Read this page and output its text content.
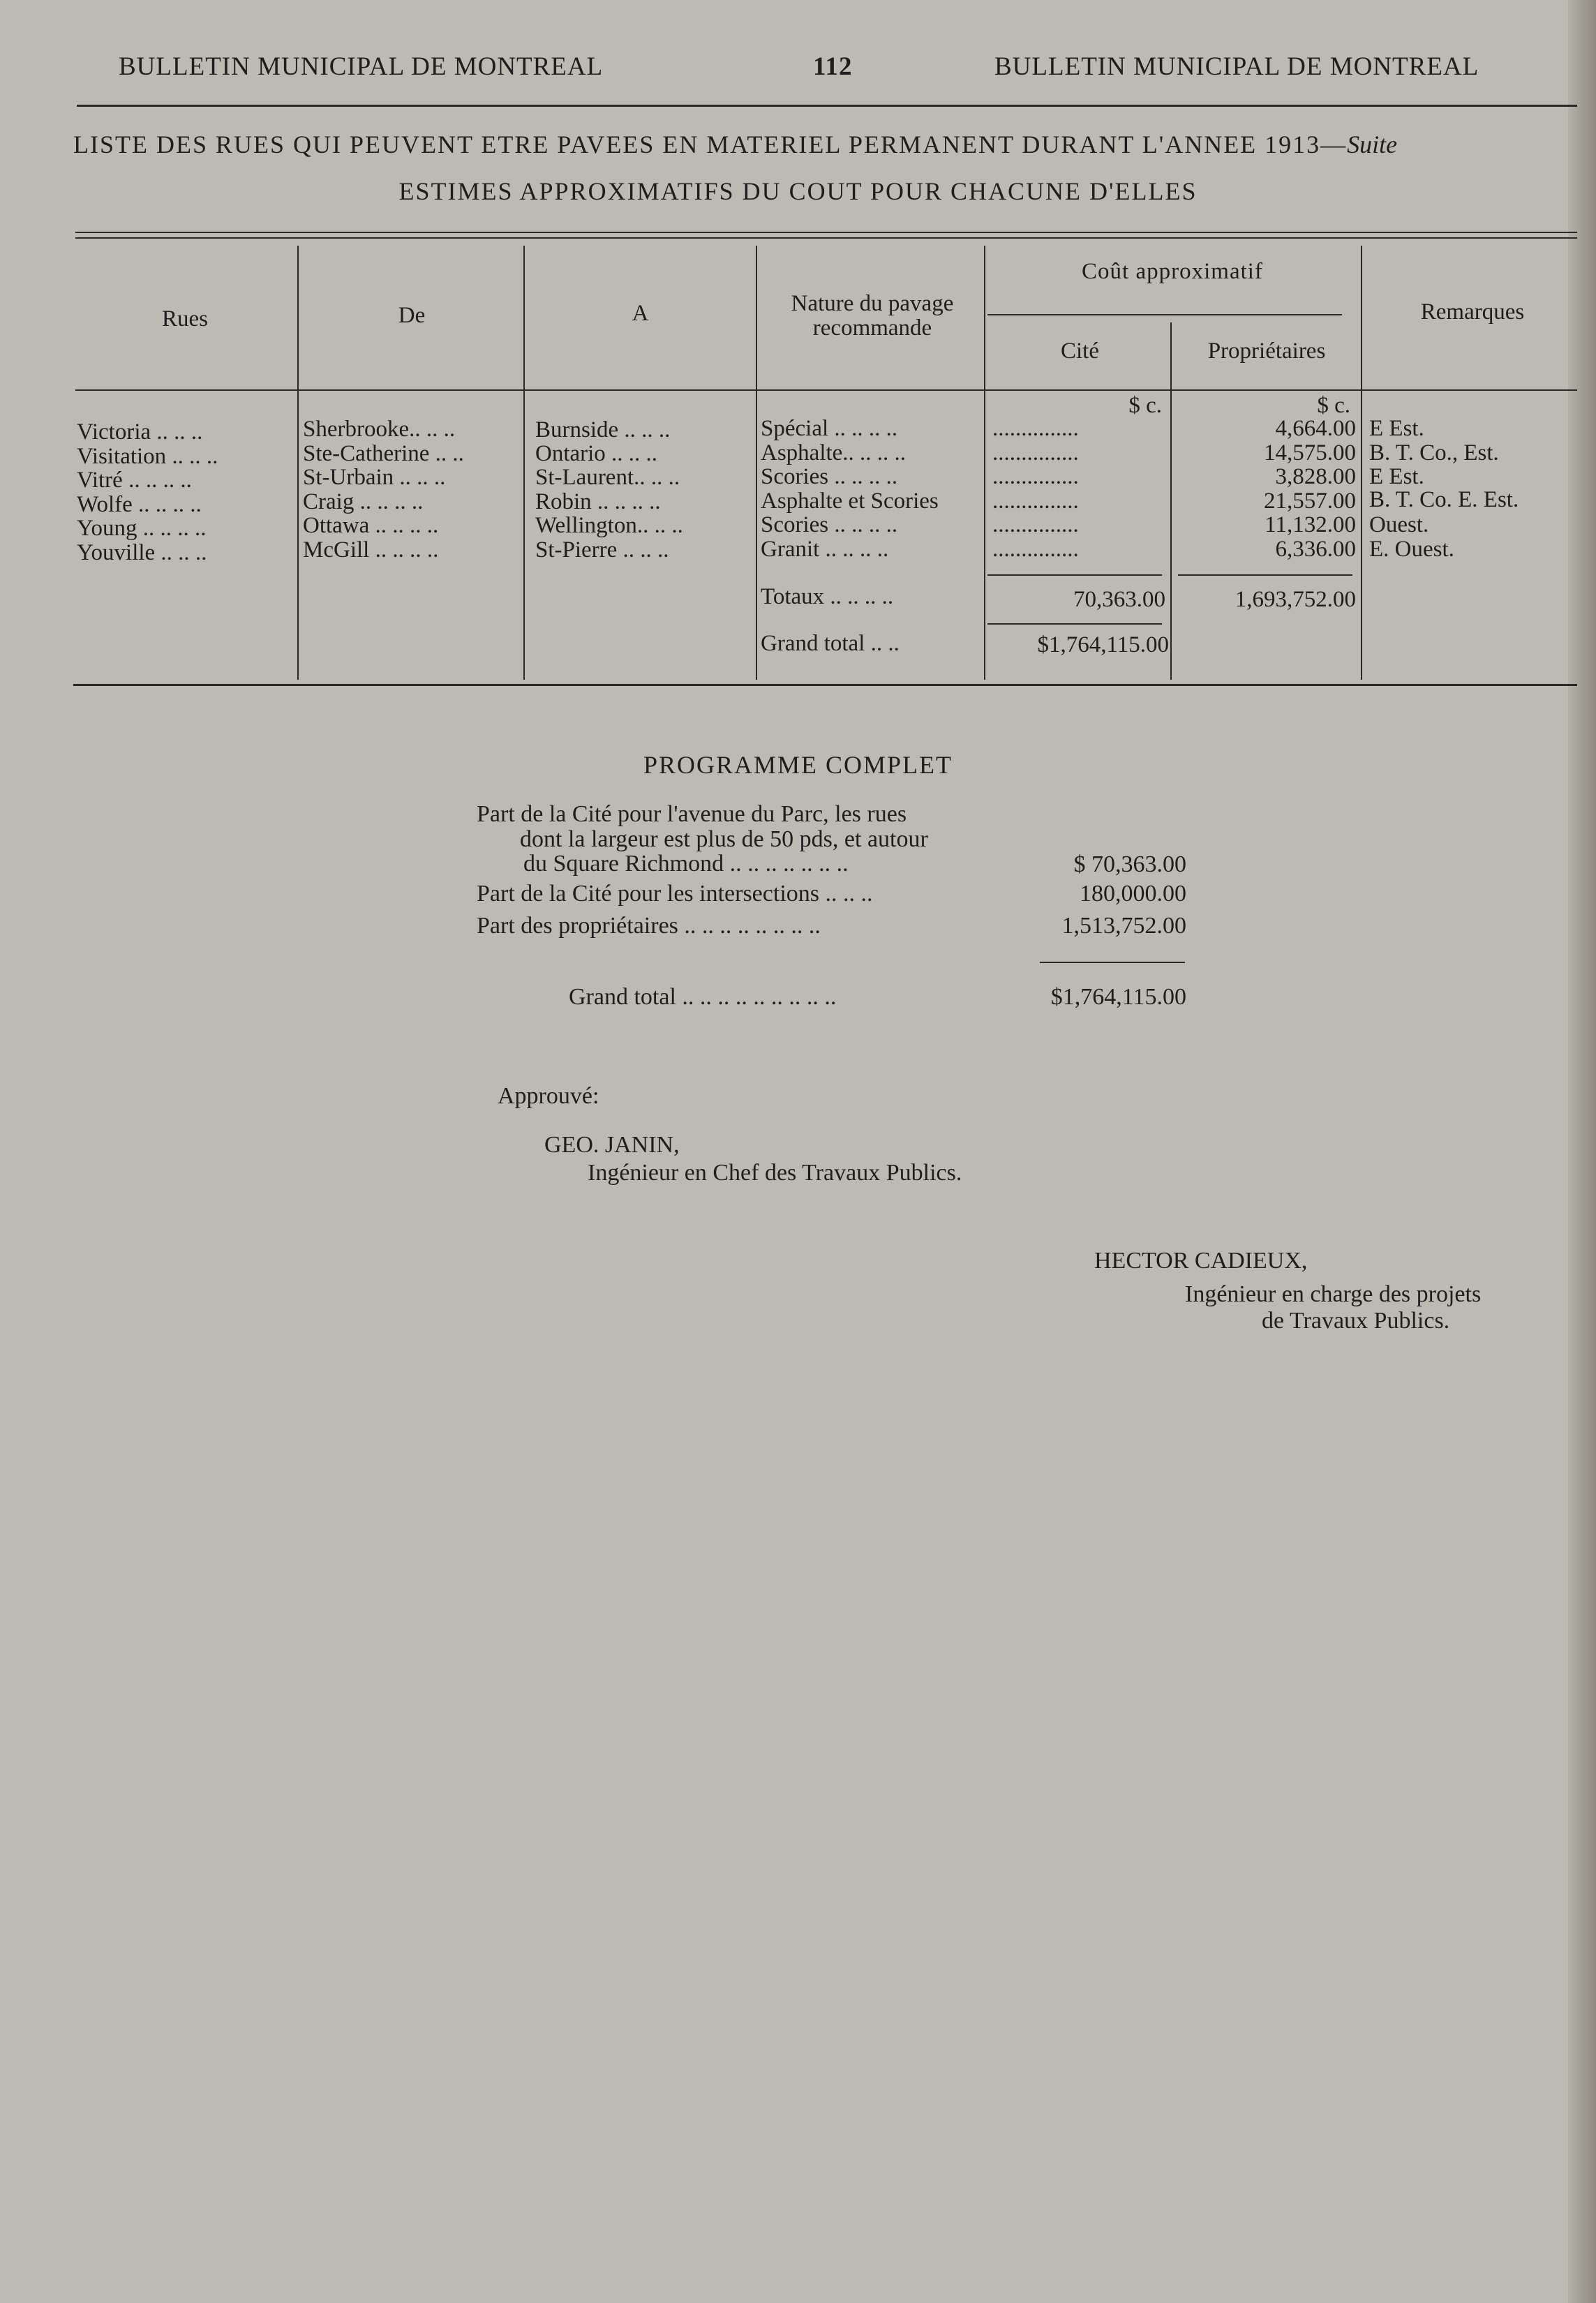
BULLETIN MUNICIPAL DE MONTREAL	112	BULLETIN MUNICIPAL DE MONTREAL
LISTE DES RUES QUI PEUVENT ETRE PAVEES EN MATERIEL PERMANENT DURANT L'ANNEE 1913—Suite
ESTIMES APPROXIMATIFS DU COUT POUR CHACUNE D'ELLES
Rues	De	A	Nature du pavage recommande
Coût approximatif
Cité	Propriétaires
Remarques
$ c.	$ c.
Victoria .. .. ..	Sherbrooke.. .. ..	Burnside .. .. ..	Spécial .. .. .. ..	...............	4,664.00 E Est.
Visitation .. .. ..	Ste-Catherine .. ..	Ontario .. .. ..	Asphalte.. .. .. ..	...............	14,575.00 B. T. Co., Est.
Vitré .. .. .. ..	St-Urbain .. .. ..	St-Laurent.. .. ..	Scories .. .. .. ..	...............	3,828.00 E Est.
Wolfe .. .. .. ..	Craig .. .. .. ..	Robin .. .. .. ..	Asphalte et Scories ...............	21,557.00 B. T. Co. E. Est.
Young .. .. .. ..	Ottawa .. .. .. ..	Wellington.. .. ..	Scories .. .. .. ..	...............	11,132.00 Ouest.
Youville .. .. ..	McGill .. .. .. ..	St-Pierre .. .. ..	Granit .. .. .. ..	...............	6,336.00 E. Ouest.
Totaux .. .. .. ..	70,363.00	1,693,752.00
Grand total .. ..	$1,764,115.00
PROGRAMME COMPLET
Part de la Cité pour l'avenue du Parc, les rues
dont la largeur est plus de 50 pds, et autour
du Square Richmond .. .. .. .. .. .. ..	$ 70,363.00
Part de la Cité pour les intersections .. .. ..	180,000.00
Part des propriétaires .. .. .. .. .. .. .. ..	1,513,752.00
Grand total .. .. .. .. .. .. .. .. ..	$1,764,115.00
Approuvé:
GEO. JANIN,
Ingénieur en Chef des Travaux Publics.
HECTOR CADIEUX,
Ingénieur en charge des projets
de Travaux Publics.
